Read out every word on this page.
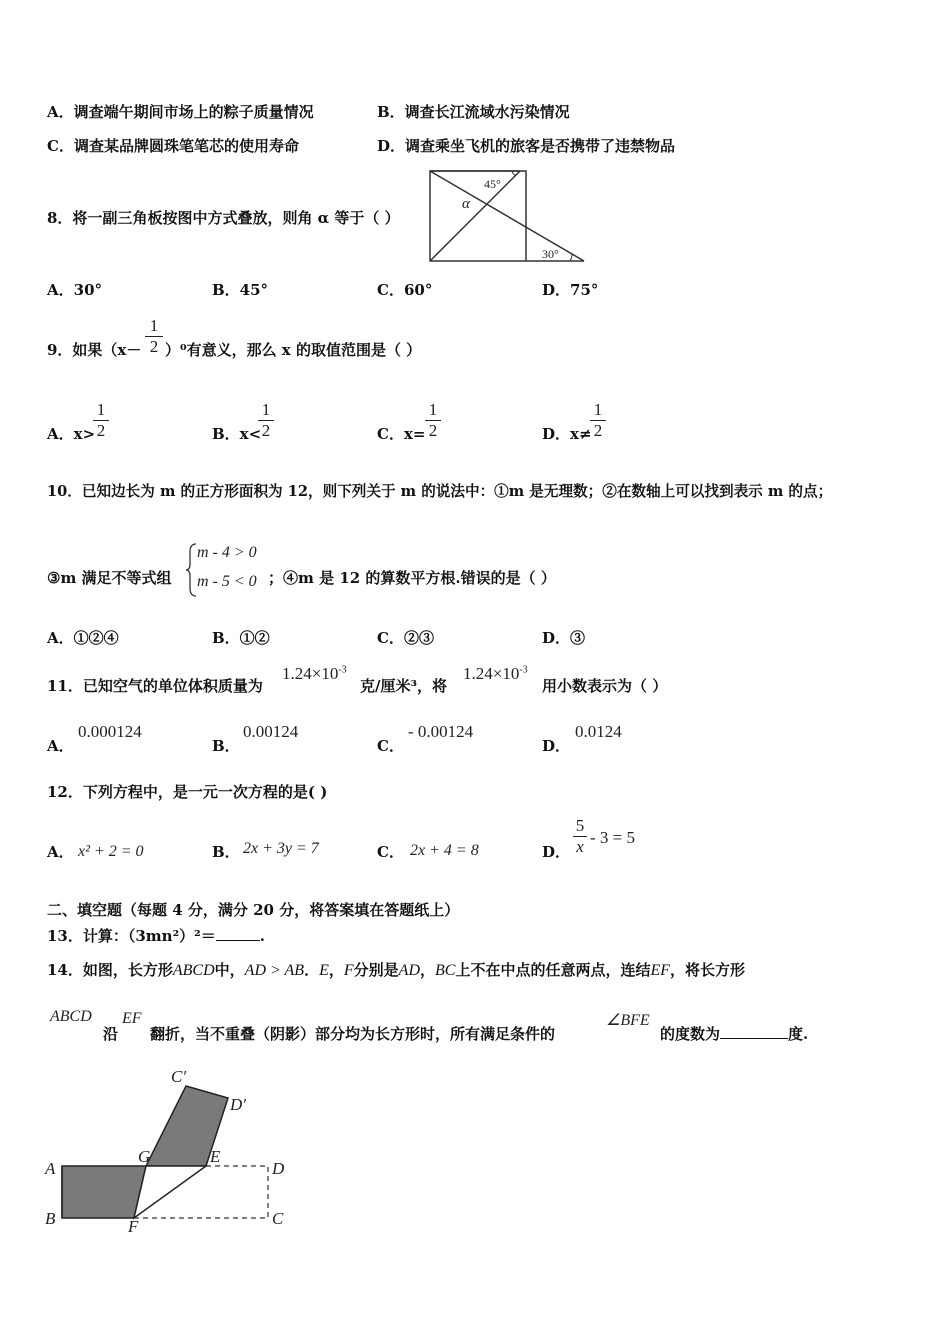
A．调查端午期间市场上的粽子质量情况	B．调查长江流域水污染情况
C．调查某品牌圆珠笔笔芯的使用寿命	D．调查乘坐飞机的旅客是否携带了违禁物品
8．将一副三角板按图中方式叠放，则角 α 等于（ ）
45°
α
30°
A．30°	B．45°	C．60°	D．75°
9．如果（x－
1
2 ）⁰有意义，那么 x 的取值范围是（ ）
A．x>
1
2	B．x<
1
2	C．x=
1
2	D．x≠
1
2
10．已知边长为 m 的正方形面积为 12，则下列关于 m 的说法中：①m 是无理数；②在数轴上可以找到表示 m 的点；
③m 满足不等式组
m - 4 > 0
m - 5 < 0 ；④m 是 12 的算数平方根.错误的是（ ）
A．①②④	B．①②	C．②③	D．③
11．已知空气的单位体积质量为
$1.24\times 10^{-3}$
克/厘米³，将
$1.24\times 10^{-3}$
用小数表示为（ ）
A．
0.000124
B．
0.00124
C．
- 0.00124
D．
0.0124
12．下列方程中，是一元一次方程的是( )
A． x² + 2 = 0	B． 2x + 3y = 7	C． 2x + 4 = 8	D．
5
x - 3 = 5
二、填空题（每题 4 分，满分 20 分，将答案填在答题纸上）
13．计算：（3mn²）²＝	.
14．如图，长方形ABCD中，AD > AB．E，F分别是AD，BC上不在中点的任意两点，连结EF，将长方形
ABCD
沿
EF
翻折，当不重叠（阴影）部分均为长方形时，所有满足条件的
∠BFE
的度数为	度.
C′
D′
A
G	E
D
B	F	C
